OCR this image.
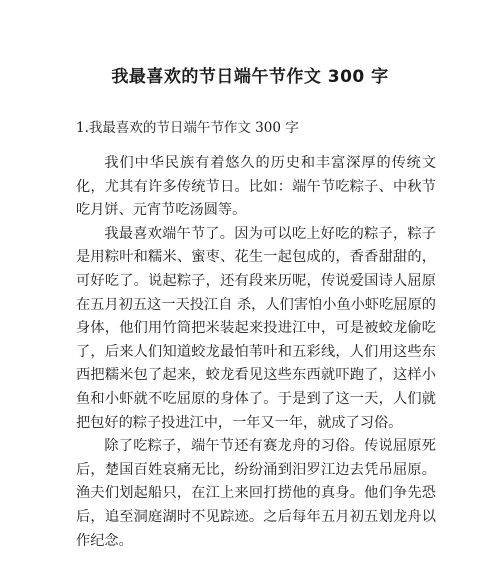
我最喜欢的节日端午节作文 300 字

1.我最喜欢的节日端午节作文 300 字

我们中华民族有着悠久的历史和丰富深厚的传统文化，尤其有许多传统节日。比如：端午节吃粽子、中秋节吃月饼、元宵节吃汤圆等。

我最喜欢端午节了。因为可以吃上好吃的粽子，粽子是用粽叶和糯米、蜜枣、花生一起包成的，香香甜甜的，可好吃了。说起粽子，还有段来历呢，传说爱国诗人屈原在五月初五这一天投江自 杀，人们害怕小鱼小虾吃屈原的身体，他们用竹筒把米装起来投进江中，可是被蛟龙偷吃了，后来人们知道蛟龙最怕苇叶和五彩线，人们用这些东西把糯米包了起来，蛟龙看见这些东西就吓跑了，这样小鱼和小虾就不吃屈原的身体了。于是到了这一天，人们就把包好的粽子投进江中，一年又一年，就成了习俗。

除了吃粽子，端午节还有赛龙舟的习俗。传说屈原死后，楚国百姓哀痛无比，纷纷涌到汨罗江边去凭吊屈原。渔夫们划起船只，在江上来回打捞他的真身。他们争先恐后，追至洞庭湖时不见踪迹。之后每年五月初五划龙舟以作纪念。
